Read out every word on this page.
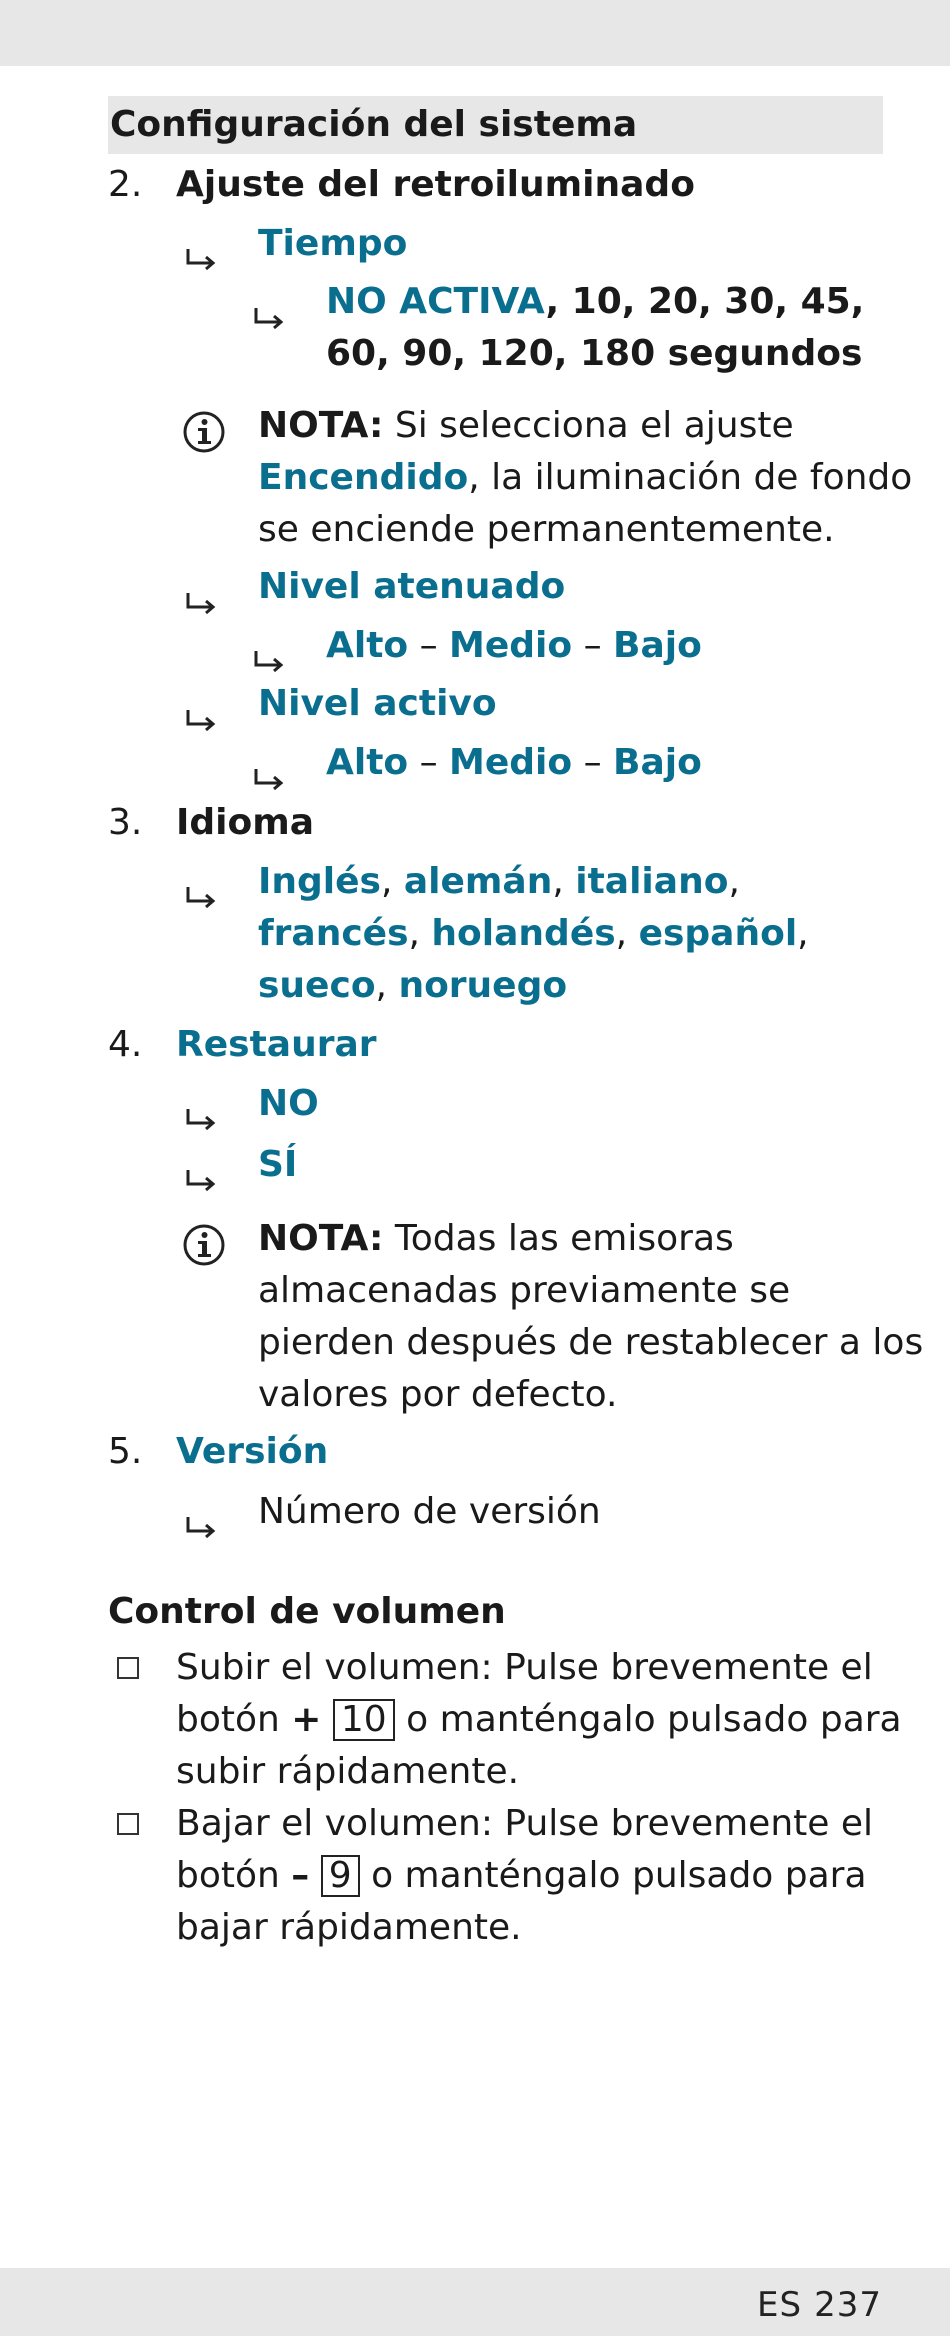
Configuración del sistema
2. Ajuste del retroiluminado
Tiempo
NO ACTIVA, 10, 20, 30, 45,
60, 90, 120, 180 segundos
NOTA: Si selecciona el ajuste
Encendido, la iluminación de fondo
se enciende permanentemente.
Nivel atenuado
Alto – Medio – Bajo
Nivel activo
Alto – Medio – Bajo
3. Idioma
Inglés, alemán, italiano,
francés, holandés, español,
sueco, noruego
4. Restaurar
NO
SÍ
NOTA: Todas las emisoras
almacenadas previamente se
pierden después de restablecer a los
valores por defecto.
5. Versión
Número de versión
Control de volumen
Subir el volumen: Pulse brevemente el
botón + 10 o manténgalo pulsado para
subir rápidamente.
Bajar el volumen: Pulse brevemente el
botón – 9 o manténgalo pulsado para
bajar rápidamente.
ES 237
